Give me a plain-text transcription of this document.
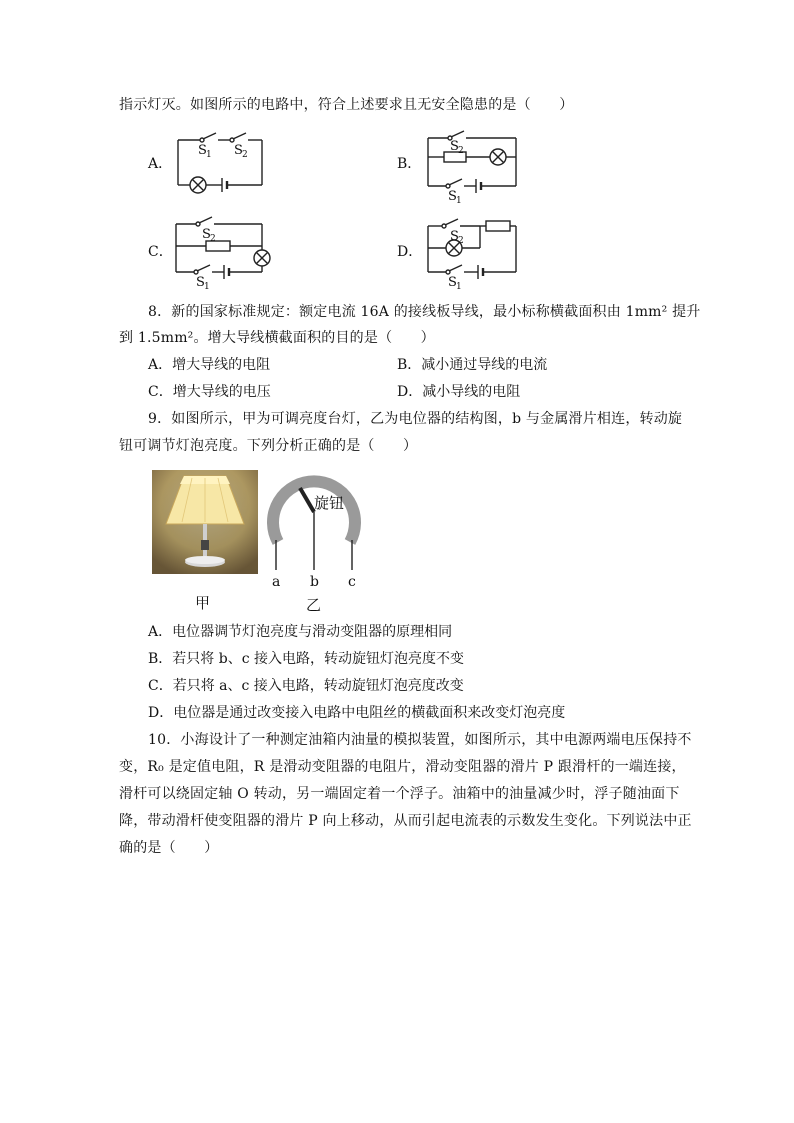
指示灯灭。如图所示的电路中，符合上述要求且无安全隐患的是（　　）
A．
S 1 S 2
B．
S 2
S 1
C．
S 2
S 1
D．
S 2
S 1
8．新的国家标准规定：额定电流 16A 的接线板导线，最小标称横截面积由 1mm² 提升
到 1.5mm²。增大导线横截面积的目的是（　　）
A．增大导线的电阻	B．减小通过导线的电流
C．增大导线的电压	D．减小导线的电阻
9．如图所示，甲为可调亮度台灯，乙为电位器的结构图，b 与金属滑片相连，转动旋
钮可调节灯泡亮度。下列分析正确的是（　　）
旋钮
a b c
甲	乙
A．电位器调节灯泡亮度与滑动变阻器的原理相同
B．若只将 b、c 接入电路，转动旋钮灯泡亮度不变
C．若只将 a、c 接入电路，转动旋钮灯泡亮度改变
D．电位器是通过改变接入电路中电阻丝的横截面积来改变灯泡亮度
10．小海设计了一种测定油箱内油量的模拟装置，如图所示，其中电源两端电压保持不
变，R₀ 是定值电阻，R 是滑动变阻器的电阻片，滑动变阻器的滑片 P 跟滑杆的一端连接，
滑杆可以绕固定轴 O 转动，另一端固定着一个浮子。油箱中的油量减少时，浮子随油面下
降，带动滑杆使变阻器的滑片 P 向上移动，从而引起电流表的示数发生变化。下列说法中正
确的是（　　）
